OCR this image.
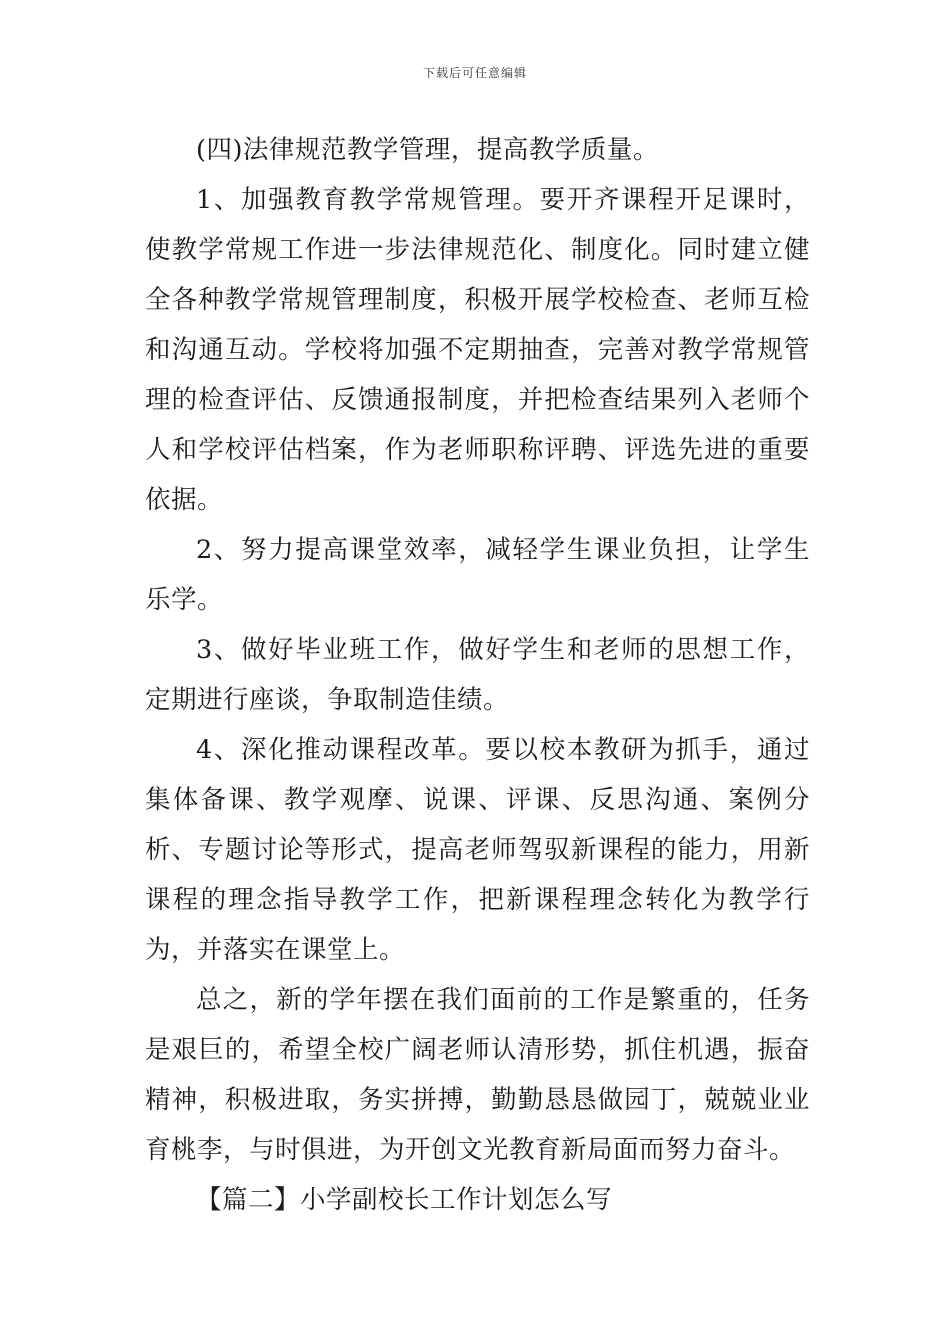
下载后可任意编辑

(四)法律规范教学管理，提高教学质量。

1、加强教育教学常规管理。要开齐课程开足课时，使教学常规工作进一步法律规范化、制度化。同时建立健全各种教学常规管理制度，积极开展学校检查、老师互检和沟通互动。学校将加强不定期抽查，完善对教学常规管理的检查评估、反馈通报制度，并把检查结果列入老师个人和学校评估档案，作为老师职称评聘、评选先进的重要依据。

2、努力提高课堂效率，减轻学生课业负担，让学生乐学。

3、做好毕业班工作，做好学生和老师的思想工作，定期进行座谈，争取制造佳绩。

4、深化推动课程改革。要以校本教研为抓手，通过集体备课、教学观摩、说课、评课、反思沟通、案例分析、专题讨论等形式，提高老师驾驭新课程的能力，用新课程的理念指导教学工作，把新课程理念转化为教学行为，并落实在课堂上。

总之，新的学年摆在我们面前的工作是繁重的，任务是艰巨的，希望全校广阔老师认清形势，抓住机遇，振奋精神，积极进取，务实拼搏，勤勤恳恳做园丁，兢兢业业育桃李，与时俱进，为开创文光教育新局面而努力奋斗。

【篇二】小学副校长工作计划怎么写
